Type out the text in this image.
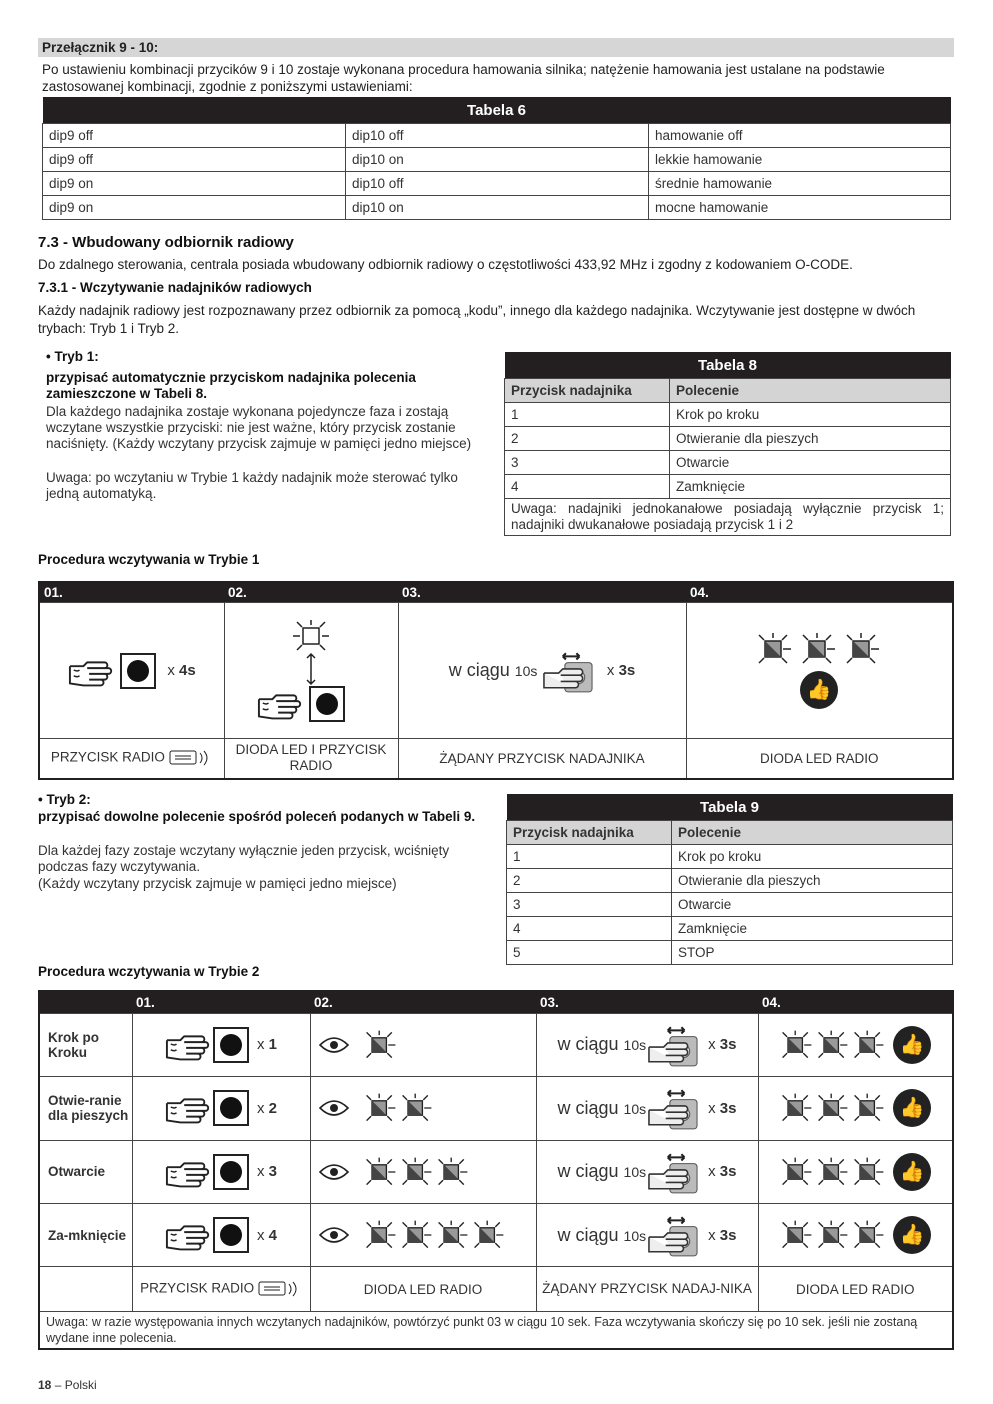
Przełącznik 9 - 10:

Po ustawieniu kombinacji przycików 9 i 10 zostaje wykonana procedura hamowania silnika; natężenie hamowania jest ustalane na podstawie zastosowanej kombinacji, zgodnie z poniższymi ustawieniami:

Tabela 6		
dip9 off	dip10 off	hamowanie off
dip9 off	dip10 on	lekkie hamowanie
dip9 on	dip10 off	średnie hamowanie
dip9 on	dip10 on	mocne hamowanie
7.3 - Wbudowany odbiornik radiowy

Do zdalnego sterowania, centrala posiada wbudowany odbiornik radiowy o częstotliwości 433,92 MHz i zgodny z kodowaniem O-CODE.

7.3.1 - Wczytywanie nadajników radiowych

Każdy nadajnik radiowy jest rozpoznawany przez odbiornik za pomocą „kodu”, innego dla każdego nadajnika. Wczytywanie jest dostępne w dwóch trybach: Tryb 1 i Tryb 2.

• Tryb 1:
przypisać automatycznie przyciskom nadajnika polecenia zamieszczone w Tabeli 8.

Dla każdego nadajnika zostaje wykonana pojedyncze faza i zostają wczytane wszystkie przyciski: nie jest ważne, który przycisk zostanie naciśnięty. (Każdy wczytany przycisk zajmuje w pamięci jedno miejsce)

Uwaga: po wczytaniu w Trybie 1 każdy nadajnik może sterować tylko jedną automatyką.

Tabela 8	
Przycisk nadajnika	Polecenie
1	Krok po kroku
2	Otwieranie dla pieszych
3	Otwarcie
4	Zamknięcie
Uwaga: nadajniki jednokanałowe posiadają wyłącznie przycisk 1; nadajniki dwukanałowe posiadają przycisk 1 i 2	
Procedura wczytywania w Trybie 1
01.	02.	03.	04.
x 4s		w ciągu 10s x 3s	👍
PRZYCISK RADIO	DIODA LED I PRZYCISK RADIO	ŻĄDANY PRZYCISK NADAJNIKA	DIODA LED RADIO
• Tryb 2:
przypisać dowolne polecenie spośród poleceń podanych w Tabeli 9.

Dla każdej fazy zostaje wczytany wyłącznie jeden przycisk, wciśnięty podczas fazy wczytywania.

(Każdy wczytany przycisk zajmuje w pamięci jedno miejsce)

Tabela 9	
Przycisk nadajnika	Polecenie
1	Krok po kroku
2	Otwieranie dla pieszych
3	Otwarcie
4	Zamknięcie
5	STOP
Procedura wczytywania w Trybie 2
	01.	02.	03.	04.
Krok po Kroku	x 1		w ciągu 10s x 3s	👍
Otwie-ranie dla pieszych	x 2		w ciągu 10s x 3s	👍
Otwarcie	x 3		w ciągu 10s x 3s	👍
Za-mknięcie	x 4		w ciągu 10s x 3s	👍
	PRZYCISK RADIO	DIODA LED RADIO	ŻĄDANY PRZYCISK NADAJ-NIKA	DIODA LED RADIO
Uwaga: w razie występowania innych wczytanych nadajników, powtórzyć punkt 03 w ciągu 10 sek. Faza wczytywania skończy się po 10 sek. jeśli nie zostaną wydane inne polecenia.				
18 – Polski
